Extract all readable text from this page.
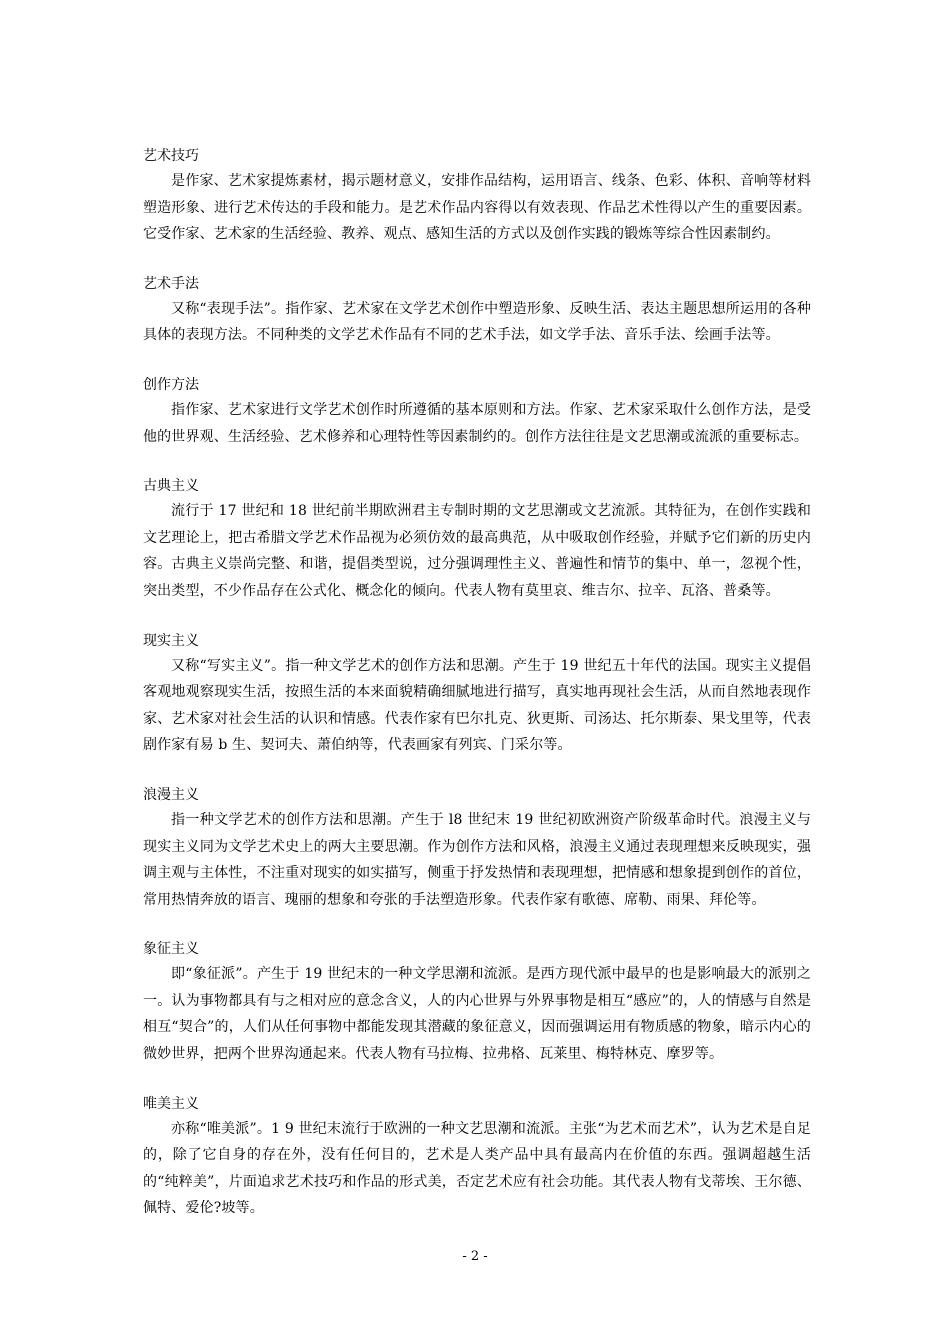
艺术技巧

是作家、艺术家提炼素材，揭示题材意义，安排作品结构，运用语言、线条、色彩、体积、音响等材料塑造形象、进行艺术传达的手段和能力。是艺术作品内容得以有效表现、作品艺术性得以产生的重要因素。它受作家、艺术家的生活经验、教养、观点、感知生活的方式以及创作实践的锻炼等综合性因素制约。

艺术手法

又称“表现手法”。指作家、艺术家在文学艺术创作中塑造形象、反映生活、表达主题思想所运用的各种具体的表现方法。不同种类的文学艺术作品有不同的艺术手法，如文学手法、音乐手法、绘画手法等。

创作方法

指作家、艺术家进行文学艺术创作时所遵循的基本原则和方法。作家、艺术家采取什么创作方法，是受他的世界观、生活经验、艺术修养和心理特性等因素制约的。创作方法往往是文艺思潮或流派的重要标志。

古典主义

流行于 17 世纪和 18 世纪前半期欧洲君主专制时期的文艺思潮或文艺流派。其特征为，在创作实践和文艺理论上，把古希腊文学艺术作品视为必须仿效的最高典范，从中吸取创作经验，并赋予它们新的历史内容。古典主义崇尚完整、和谐，提倡类型说，过分强调理性主义、普遍性和情节的集中、单一，忽视个性，突出类型，不少作品存在公式化、概念化的倾向。代表人物有莫里哀、维吉尔、拉辛、瓦洛、普桑等。

现实主义

又称“写实主义”。指一种文学艺术的创作方法和思潮。产生于 19 世纪五十年代的法国。现实主义提倡客观地观察现实生活，按照生活的本来面貌精确细腻地进行描写，真实地再现社会生活，从而自然地表现作家、艺术家对社会生活的认识和情感。代表作家有巴尔扎克、狄更斯、司汤达、托尔斯泰、果戈里等，代表剧作家有易 b 生、契诃夫、萧伯纳等，代表画家有列宾、门采尔等。

浪漫主义

指一种文学艺术的创作方法和思潮。产生于 l8 世纪末 19 世纪初欧洲资产阶级革命时代。浪漫主义与现实主义同为文学艺术史上的两大主要思潮。作为创作方法和风格，浪漫主义通过表现理想来反映现实，强调主观与主体性，不注重对现实的如实描写，侧重于抒发热情和表现理想，把情感和想象提到创作的首位，常用热情奔放的语言、瑰丽的想象和夸张的手法塑造形象。代表作家有歌德、席勒、雨果、拜伦等。

象征主义

即“象征派”。产生于 19 世纪末的一种文学思潮和流派。是西方现代派中最早的也是影响最大的派别之一。认为事物都具有与之相对应的意念含义，人的内心世界与外界事物是相互“感应”的，人的情感与自然是相互“契合”的，人们从任何事物中都能发现其潜藏的象征意义，因而强调运用有物质感的物象，暗示内心的微妙世界，把两个世界沟通起来。代表人物有马拉梅、拉弗格、瓦莱里、梅特林克、摩罗等。

唯美主义

亦称“唯美派”。1 9 世纪末流行于欧洲的一种文艺思潮和流派。主张“为艺术而艺术”，认为艺术是自足的，除了它自身的存在外，没有任何目的，艺术是人类产品中具有最高内在价值的东西。强调超越生活的“纯粹美”，片面追求艺术技巧和作品的形式美，否定艺术应有社会功能。其代表人物有戈蒂埃、王尔德、佩特、爱伦?坡等。

- 2 -
